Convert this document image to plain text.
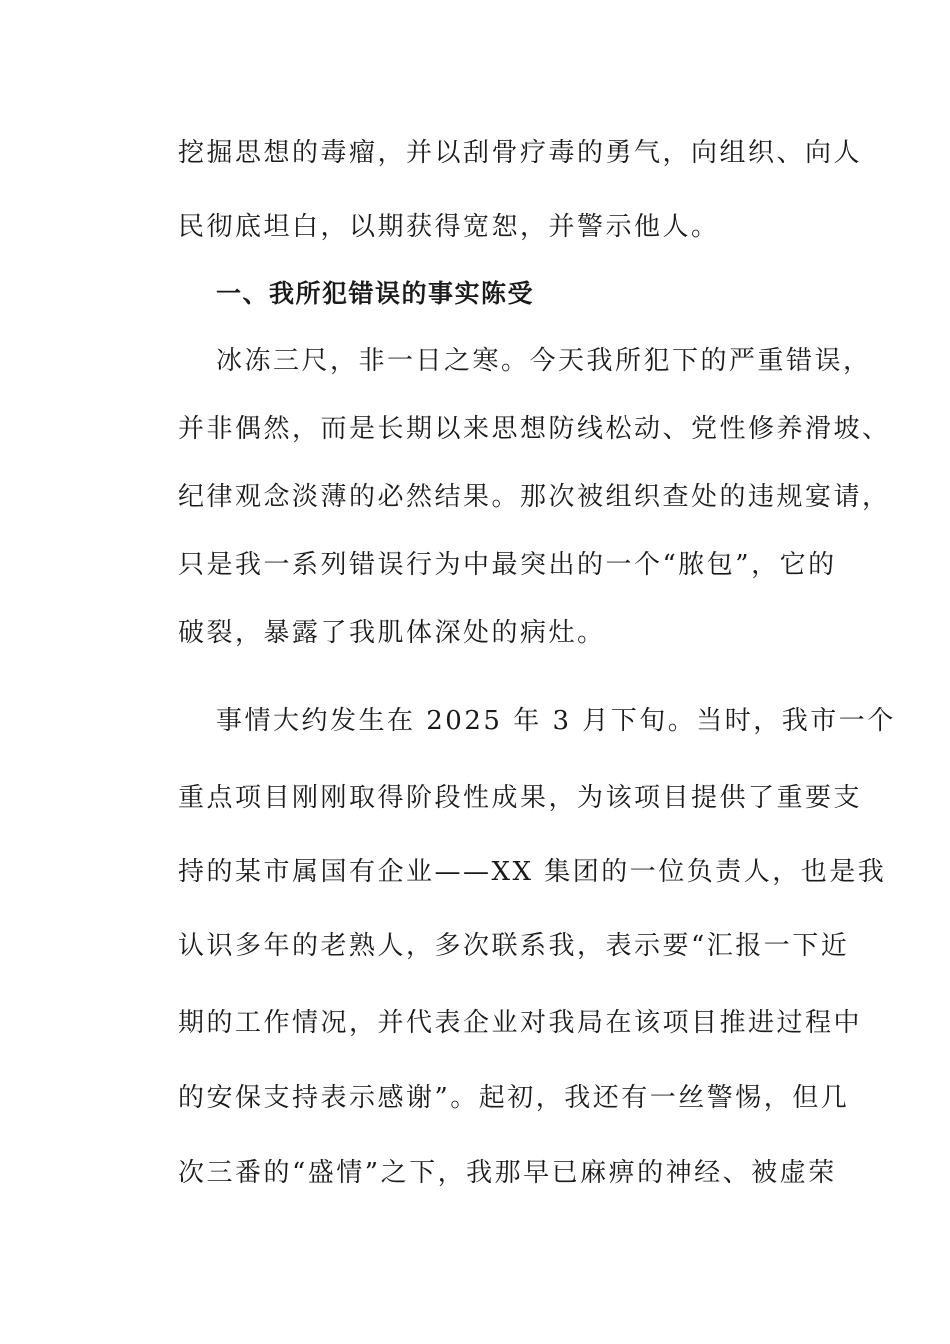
挖掘思想的毒瘤，并以刮骨疗毒的勇气，向组织、向人
民彻底坦白，以期获得宽恕，并警示他人。
一、我所犯错误的事实陈受
冰冻三尺，非一日之寒。今天我所犯下的严重错误，
并非偶然，而是长期以来思想防线松动、党性修养滑坡、
纪律观念淡薄的必然结果。那次被组织查处的违规宴请，
只是我一系列错误行为中最突出的一个“脓包”，它的
破裂，暴露了我肌体深处的病灶。
事情大约发生在 2025 年 3 月下旬。当时，我市一个
重点项目刚刚取得阶段性成果，为该项目提供了重要支
持的某市属国有企业——XX 集团的一位负责人，也是我
认识多年的老熟人，多次联系我，表示要“汇报一下近
期的工作情况，并代表企业对我局在该项目推进过程中
的安保支持表示感谢”。起初，我还有一丝警惕，但几
次三番的“盛情”之下，我那早已麻痹的神经、被虚荣
